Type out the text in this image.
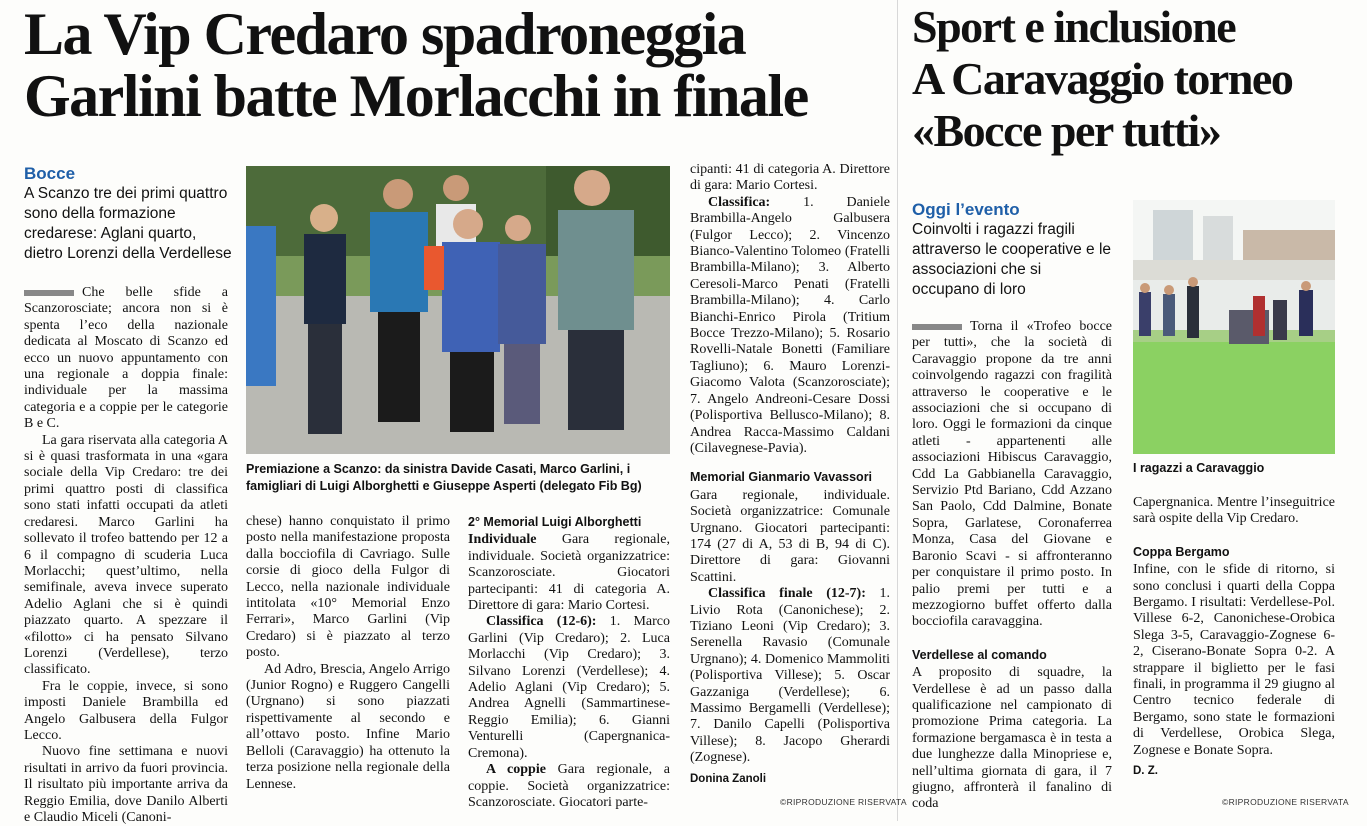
La Vip Credaro spadroneggia
Garlini batte Morlacchi in finale
Bocce
A Scanzo tre dei primi quattro sono della formazione credarese: Aglani quarto, dietro Lorenzi della Verdellese
Premiazione a Scanzo: da sinistra Davide Casati, Marco Garlini, i famigliari di Luigi Alborghetti e Giuseppe Asperti (delegato Fib Bg)

Che belle sfide a Scanzorosciate; ancora non si è spenta l’eco della nazionale dedicata al Moscato di Scanzo ed ecco un nuovo appuntamento con una regionale a doppia finale: individuale per la massima categoria e a coppie per le categorie B e C.

La gara riservata alla categoria A si è quasi trasformata in una «gara sociale della Vip Credaro: tre dei primi quattro posti di classifica sono stati infatti occupati da atleti credaresi. Marco Garlini ha sollevato il trofeo battendo per 12 a 6 il compagno di scuderia Luca Morlacchi; quest’ultimo, nella semifinale, aveva invece superato Adelio Aglani che si è quindi piazzato quarto. A spezzare il «filotto» ci ha pensato Silvano Lorenzi (Verdellese), terzo classificato.

Fra le coppie, invece, si sono imposti Daniele Brambilla ed Angelo Galbusera della Fulgor Lecco.

Nuovo fine settimana e nuovi risultati in arrivo da fuori provincia. Il risultato più importante arriva da Reggio Emilia, dove Danilo Alberti e Claudio Miceli (Canoni-

chese) hanno conquistato il primo posto nella manifestazione proposta dalla bocciofila di Cavriago. Sulle corsie di gioco della Fulgor di Lecco, nella nazionale individuale intitolata «10° Memorial Enzo Ferrari», Marco Garlini (Vip Credaro) si è piazzato al terzo posto.

Ad Adro, Brescia, Angelo Arrigo (Junior Rogno) e Ruggero Cangelli (Urgnano) si sono piazzati rispettivamente al secondo e all’ottavo posto. Infine Mario Belloli (Caravaggio) ha ottenuto la terza posizione nella regionale della Lennese.

2° Memorial Luigi Alborghetti

Individuale Gara regionale, individuale. Società organizzatrice: Scanzorosciate. Giocatori partecipanti: 41 di categoria A. Direttore di gara: Mario Cortesi.

Classifica (12-6): 1. Marco Garlini (Vip Credaro); 2. Luca Morlacchi (Vip Credaro); 3. Silvano Lorenzi (Verdellese); 4. Adelio Aglani (Vip Credaro); 5. Andrea Agnelli (Sammartinese-Reggio Emilia); 6. Gianni Venturelli (Capergnanica-Cremona).

A coppie Gara regionale, a coppie. Società organizzatrice: Scanzorosciate. Giocatori parte-

cipanti: 41 di categoria A. Direttore di gara: Mario Cortesi.

Classifica: 1. Daniele Brambilla-Angelo Galbusera (Fulgor Lecco); 2. Vincenzo Bianco-Valentino Tolomeo (Fratelli Brambilla-Milano); 3. Alberto Ceresoli-Marco Penati (Fratelli Brambilla-Milano); 4. Carlo Bianchi-Enrico Pirola (Tritium Bocce Trezzo-Milano); 5. Rosario Rovelli-Natale Bonetti (Familiare Tagliuno); 6. Mauro Lorenzi-Giacomo Valota (Scanzorosciate); 7. Angelo Andreoni-Cesare Dossi (Polisportiva Bellusco-Milano); 8. Andrea Racca-Massimo Caldani (Cilavegnese-Pavia).

Memorial Gianmario Vavassori

Gara regionale, individuale. Società organizzatrice: Comunale Urgnano. Giocatori partecipanti: 174 (27 di A, 53 di B, 94 di C). Direttore di gara: Giovanni Scattini.

Classifica finale (12-7): 1. Livio Rota (Canonichese); 2. Tiziano Leoni (Vip Credaro); 3. Serenella Ravasio (Comunale Urgnano); 4. Domenico Mammoliti (Polisportiva Villese); 5. Oscar Gazzaniga (Verdellese); 6. Massimo Bergamelli (Verdellese); 7. Danilo Capelli (Polisportiva Villese); 8. Jacopo Gherardi (Zognese).

Donina Zanoli
©RIPRODUZIONE RISERVATA
Sport e inclusione
A Caravaggio torneo
«Bocce per tutti»
Oggi l’evento
Coinvolti i ragazzi fragili attraverso le cooperative e le associazioni che si occupano di loro
I ragazzi a Caravaggio

Torna il «Trofeo bocce per tutti», che la società di Caravaggio propone da tre anni coinvolgendo ragazzi con fragilità attraverso le cooperative e le associazioni che si occupano di loro. Oggi le formazioni da cinque atleti - appartenenti alle associazioni Hibiscus Caravaggio, Cdd La Gabbianella Caravaggio, Servizio Ptd Bariano, Cdd Azzano San Paolo, Cdd Dalmine, Bonate Sopra, Garlatese, Coronaferrea Monza, Casa del Giovane e Baronio Scavi - si affronteranno per conquistare il primo posto. In palio premi per tutti e a mezzogiorno buffet offerto dalla bocciofila caravaggina.

Verdellese al comando

A proposito di squadre, la Verdellese è ad un passo dalla qualificazione nel campionato di promozione Prima categoria. La formazione bergamasca è in testa a due lunghezze dalla Minopriese e, nell’ultima giornata di gara, il 7 giugno, affronterà il fanalino di coda

Capergnanica. Mentre l’inseguitrice sarà ospite della Vip Credaro.

Coppa Bergamo

Infine, con le sfide di ritorno, si sono conclusi i quarti della Coppa Bergamo. I risultati: Verdellese-Pol. Villese 6-2, Canonichese-Orobica Slega 3-5, Caravaggio-Zognese 6-2, Ciserano-Bonate Sopra 0-2. A strappare il biglietto per le fasi finali, in programma il 29 giugno al Centro tecnico federale di Bergamo, sono state le formazioni di Verdellese, Orobica Slega, Zognese e Bonate Sopra.

D. Z.
©RIPRODUZIONE RISERVATA
